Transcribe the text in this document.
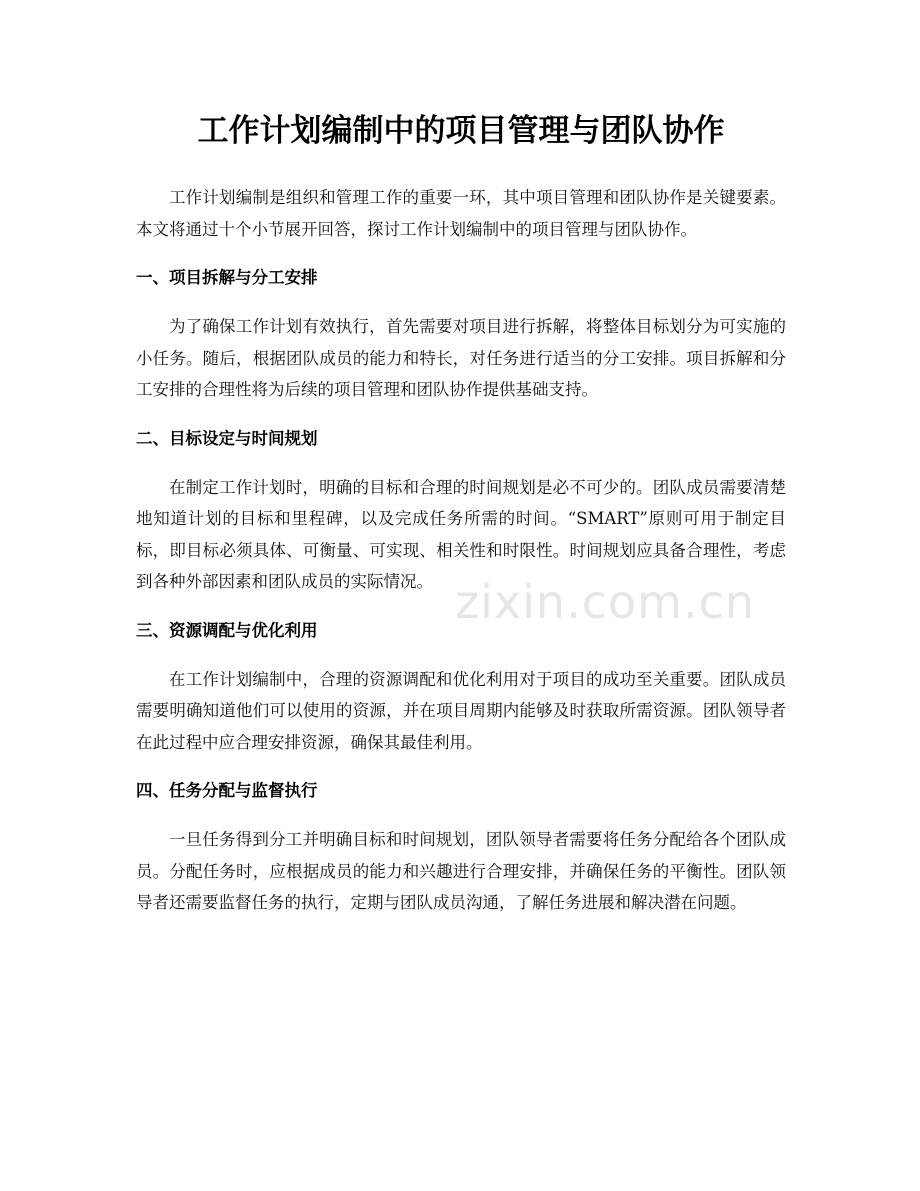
zixin.com.cn
工作计划编制中的项目管理与团队协作

工作计划编制是组织和管理工作的重要一环，其中项目管理和团队协作是关键要素。本文将通过十个小节展开回答，探讨工作计划编制中的项目管理与团队协作。

一、项目拆解与分工安排

为了确保工作计划有效执行，首先需要对项目进行拆解，将整体目标划分为可实施的小任务。随后，根据团队成员的能力和特长，对任务进行适当的分工安排。项目拆解和分工安排的合理性将为后续的项目管理和团队协作提供基础支持。

二、目标设定与时间规划

在制定工作计划时，明确的目标和合理的时间规划是必不可少的。团队成员需要清楚地知道计划的目标和里程碑，以及完成任务所需的时间。“SMART”原则可用于制定目标，即目标必须具体、可衡量、可实现、相关性和时限性。时间规划应具备合理性，考虑到各种外部因素和团队成员的实际情况。

三、资源调配与优化利用

在工作计划编制中，合理的资源调配和优化利用对于项目的成功至关重要。团队成员需要明确知道他们可以使用的资源，并在项目周期内能够及时获取所需资源。团队领导者在此过程中应合理安排资源，确保其最佳利用。

四、任务分配与监督执行

一旦任务得到分工并明确目标和时间规划，团队领导者需要将任务分配给各个团队成员。分配任务时，应根据成员的能力和兴趣进行合理安排，并确保任务的平衡性。团队领导者还需要监督任务的执行，定期与团队成员沟通，了解任务进展和解决潜在问题。
